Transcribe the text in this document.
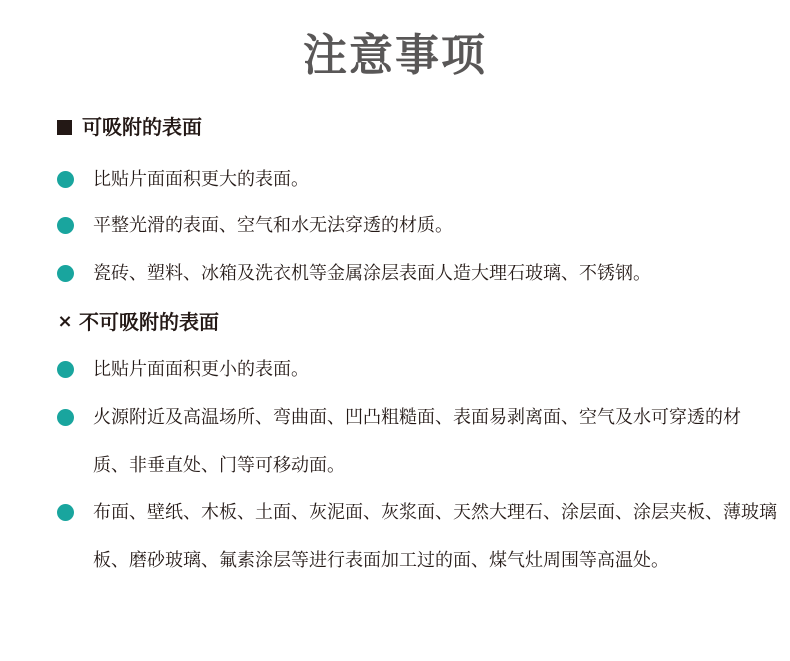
注意事项
可吸附的表面
比贴片面面积更大的表面。
平整光滑的表面、空气和水无法穿透的材质。
瓷砖、塑料、冰箱及洗衣机等金属涂层表面人造大理石玻璃、不锈钢。
× 不可吸附的表面
比贴片面面积更小的表面。
火源附近及高温场所、弯曲面、凹凸粗糙面、表面易剥离面、空气及水可穿透的材质、非垂直处、门等可移动面。
布面、壁纸、木板、土面、灰泥面、灰浆面、天然大理石、涂层面、涂层夹板、薄玻璃板、磨砂玻璃、氟素涂层等进行表面加工过的面、煤气灶周围等高温处。
